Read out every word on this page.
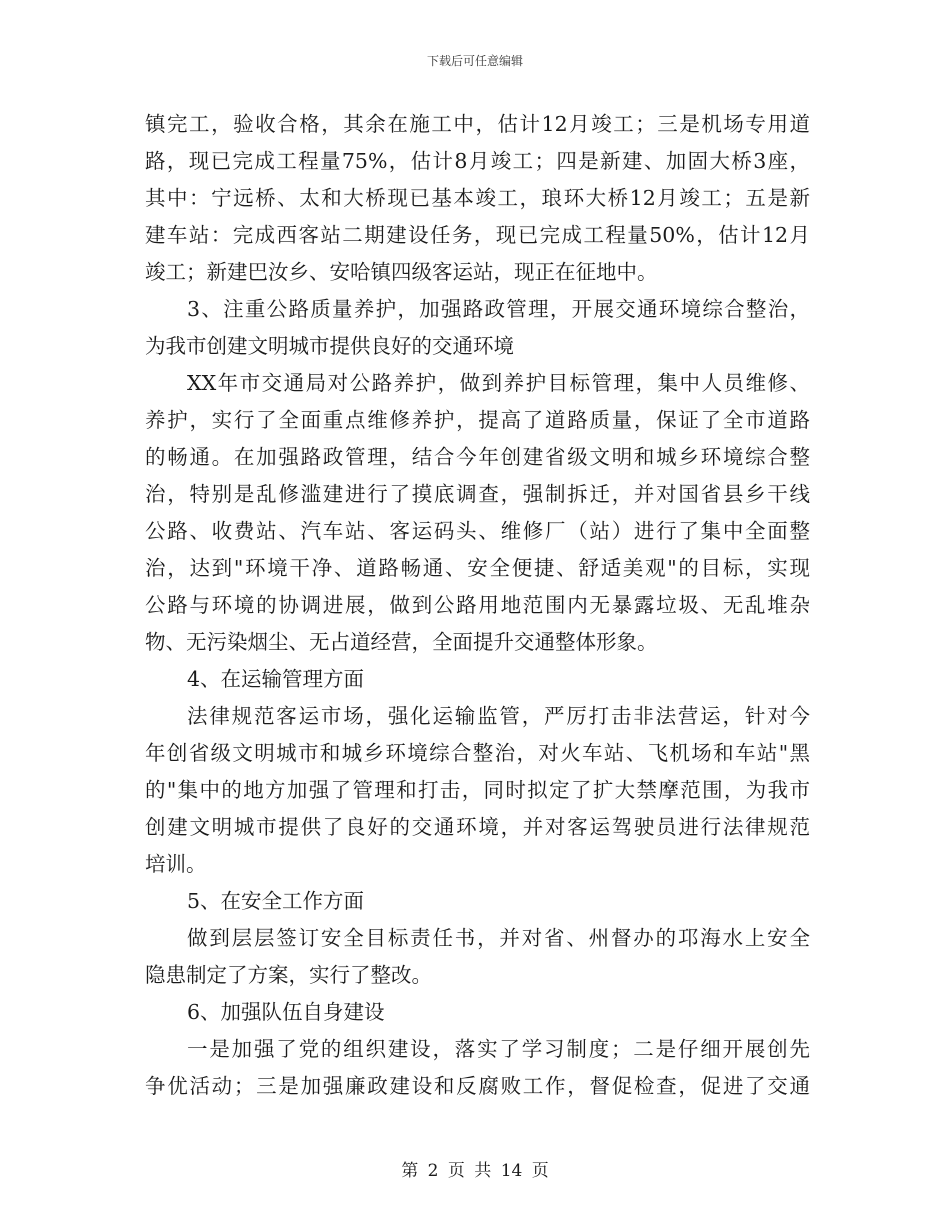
下载后可任意编辑
镇完工，验收合格，其余在施工中，估计12月竣工；三是机场专用道
路，现已完成工程量75%，估计8月竣工；四是新建、加固大桥3座，
其中：宁远桥、太和大桥现已基本竣工，琅环大桥12月竣工；五是新
建车站：完成西客站二期建设任务，现已完成工程量50%，估计12月
竣工；新建巴汝乡、安哈镇四级客运站，现正在征地中。
3、注重公路质量养护，加强路政管理，开展交通环境综合整治，
为我市创建文明城市提供良好的交通环境
XX年市交通局对公路养护，做到养护目标管理，集中人员维修、
养护，实行了全面重点维修养护，提高了道路质量，保证了全市道路
的畅通。在加强路政管理，结合今年创建省级文明和城乡环境综合整
治，特别是乱修滥建进行了摸底调查，强制拆迁，并对国省县乡干线
公路、收费站、汽车站、客运码头、维修厂（站）进行了集中全面整
治，达到"环境干净、道路畅通、安全便捷、舒适美观"的目标，实现
公路与环境的协调进展，做到公路用地范围内无暴露垃圾、无乱堆杂
物、无污染烟尘、无占道经营，全面提升交通整体形象。
4、在运输管理方面
法律规范客运市场，强化运输监管，严厉打击非法营运，针对今
年创省级文明城市和城乡环境综合整治，对火车站、飞机场和车站"黑
的"集中的地方加强了管理和打击，同时拟定了扩大禁摩范围，为我市
创建文明城市提供了良好的交通环境，并对客运驾驶员进行法律规范
培训。
5、在安全工作方面
做到层层签订安全目标责任书，并对省、州督办的邛海水上安全
隐患制定了方案，实行了整改。
6、加强队伍自身建设
一是加强了党的组织建设，落实了学习制度；二是仔细开展创先
争优活动；三是加强廉政建设和反腐败工作，督促检查，促进了交通
第 2 页 共 14 页
